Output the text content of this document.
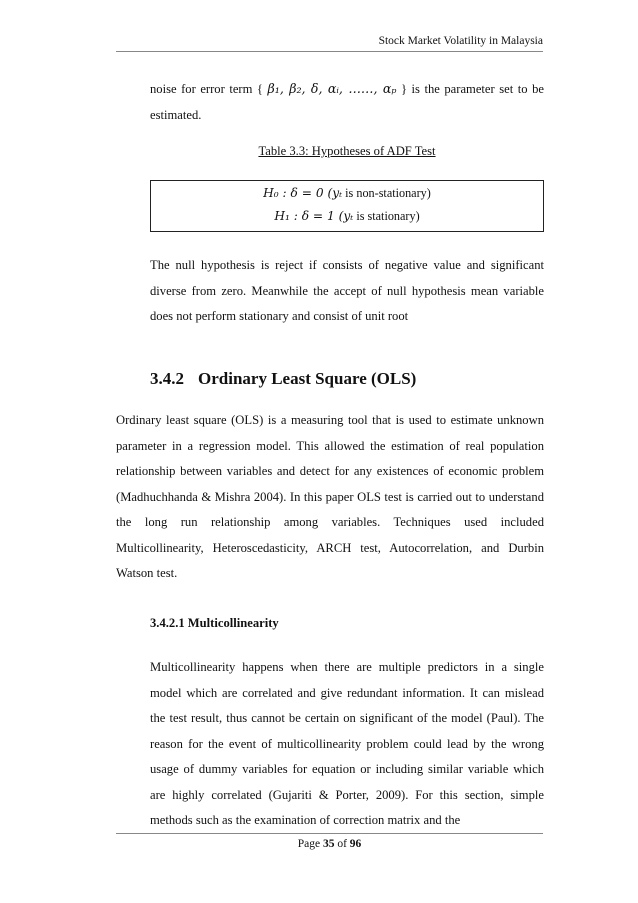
Stock Market Volatility in Malaysia

noise for error term { β₁, β₂, δ, αᵢ, ……, αₚ } is the parameter set to be estimated.

Table 3.3: Hypotheses of ADF Test
H₀ : δ = 0 (yₜ is non-stationary)
H₁ : δ = 1 (yₜ is stationary)

The null hypothesis is reject if consists of negative value and significant diverse from zero. Meanwhile the accept of null hypothesis mean variable does not perform stationary and consist of unit root

3.4.2 Ordinary Least Square (OLS)

Ordinary least square (OLS) is a measuring tool that is used to estimate unknown parameter in a regression model. This allowed the estimation of real population relationship between variables and detect for any existences of economic problem (Madhuchhanda & Mishra 2004). In this paper OLS test is carried out to understand the long run relationship among variables. Techniques used included Multicollinearity, Heteroscedasticity, ARCH test, Autocorrelation, and Durbin Watson test.

3.4.2.1 Multicollinearity

Multicollinearity happens when there are multiple predictors in a single model which are correlated and give redundant information. It can mislead the test result, thus cannot be certain on significant of the model (Paul). The reason for the event of multicollinearity problem could lead by the wrong usage of dummy variables for equation or including similar variable which are highly correlated (Gujariti & Porter, 2009). For this section, simple methods such as the examination of correction matrix and the

Page 35 of 96
